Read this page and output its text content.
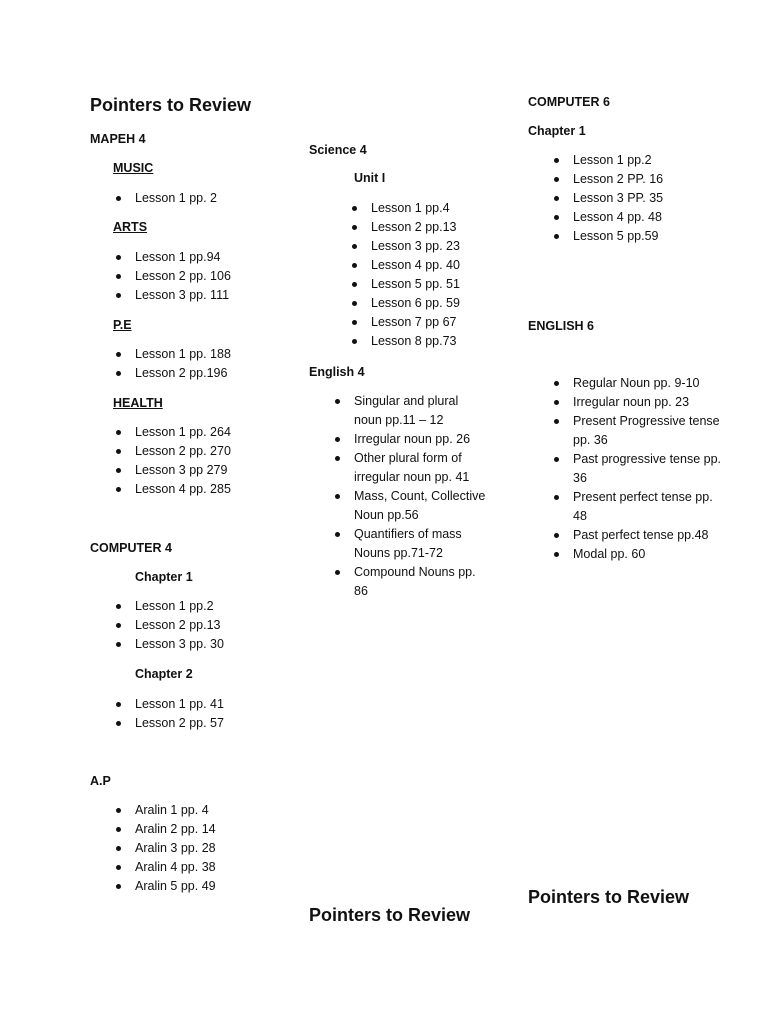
Pointers to Review
MAPEH 4
MUSIC
Lesson 1 pp. 2
ARTS
Lesson 1 pp.94
Lesson 2 pp. 106
Lesson 3 pp. 111
P.E
Lesson 1 pp. 188
Lesson 2 pp.196
HEALTH
Lesson 1 pp. 264
Lesson 2 pp. 270
Lesson 3 pp 279
Lesson 4 pp. 285
COMPUTER 4
Chapter 1
Lesson 1 pp.2
Lesson 2 pp.13
Lesson 3 pp. 30
Chapter 2
Lesson 1 pp. 41
Lesson 2 pp. 57
A.P
Aralin 1 pp. 4
Aralin 2 pp. 14
Aralin 3 pp. 28
Aralin 4 pp. 38
Aralin 5 pp. 49
Science 4
Unit I
Lesson 1 pp.4
Lesson 2 pp.13
Lesson 3 pp. 23
Lesson 4 pp. 40
Lesson 5 pp. 51
Lesson 6 pp. 59
Lesson 7 pp 67
Lesson 8 pp.73
English 4
Singular and plural noun pp.11 – 12
Irregular noun pp. 26
Other plural form of irregular noun pp. 41
Mass, Count, Collective Noun pp.56
Quantifiers of mass Nouns pp.71-72
Compound Nouns pp. 86
Pointers to Review
COMPUTER 6
Chapter 1
Lesson 1 pp.2
Lesson 2 PP. 16
Lesson 3 PP. 35
Lesson 4 pp. 48
Lesson 5 pp.59
ENGLISH 6
Regular Noun pp. 9-10
Irregular noun pp. 23
Present Progressive tense pp. 36
Past progressive tense pp. 36
Present perfect tense pp. 48
Past perfect tense pp.48
Modal pp. 60
Pointers to Review
